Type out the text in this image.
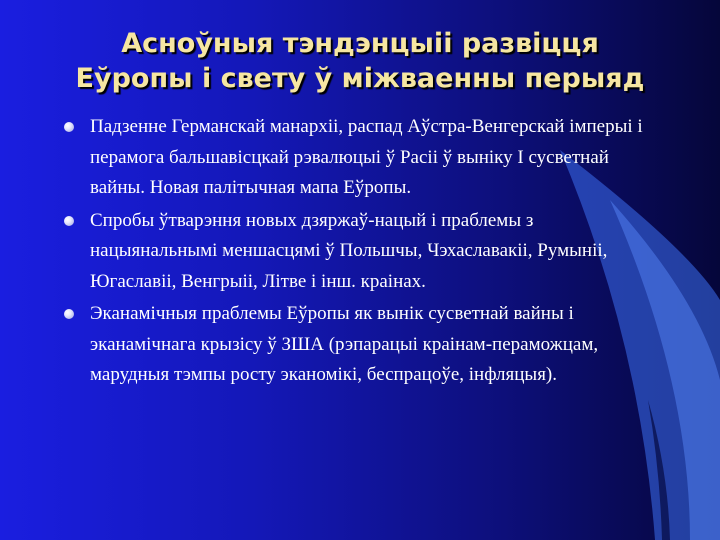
Асноўныя тэндэнцыіі развіцця
Еўропы і свету ў міжваенны перыяд
Падзенне Германскай манархіі, распад Аўстра-Венгерскай імперыі і перамога бальшавісцкай рэвалюцыі ў Расіі ў выніку I сусветнай вайны. Новая палітычная мапа Еўропы.
Спробы ўтварэння новых дзяржаў-нацый і праблемы з нацыянальнымі меншасцямі ў Польшчы, Чэхаславакіі, Румыніі, Югаславіі, Венгрыіі, Літве і інш. краінах.
Эканамічныя праблемы Еўропы як вынік сусветнай вайны і эканамічнага крызісу ў ЗША (рэпарацыі краінам-пераможцам, марудныя тэмпы росту эканомікі, беспрацоўе, інфляцыя).
